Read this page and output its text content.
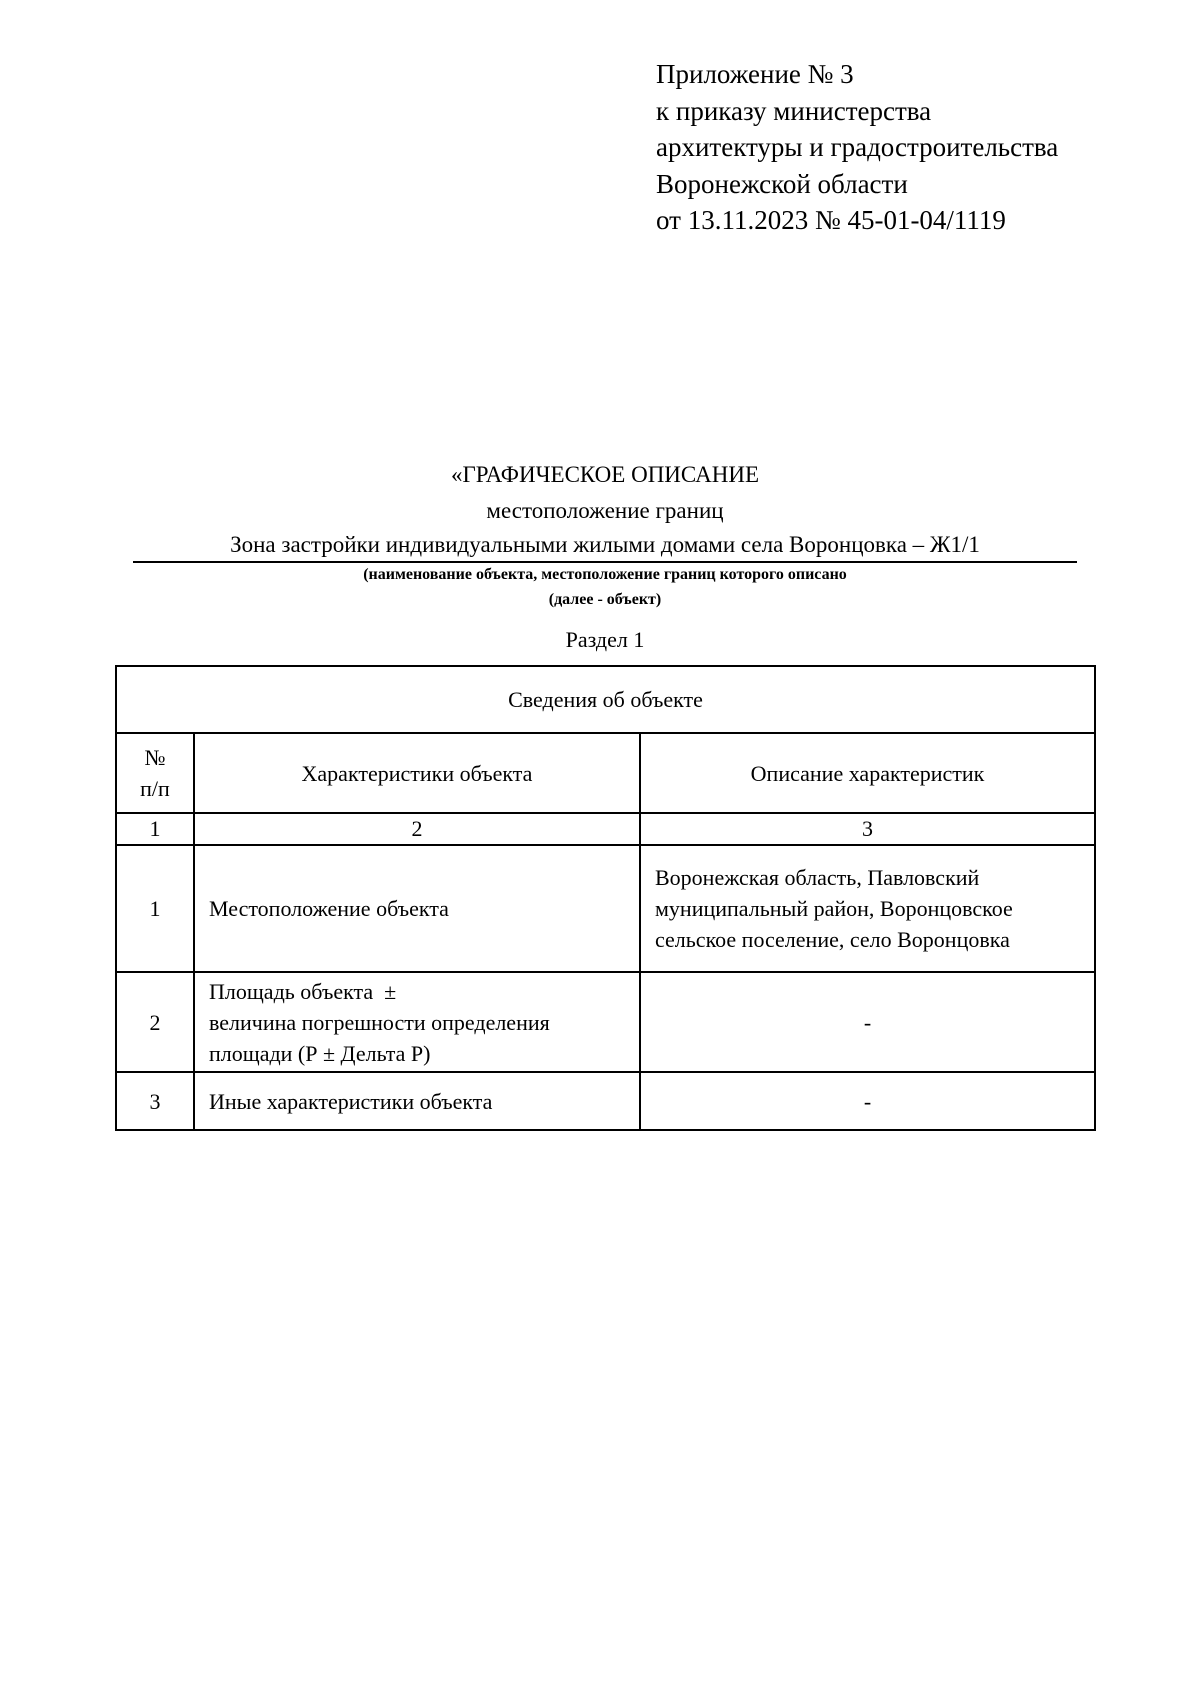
Приложение № 3
к приказу министерства
архитектуры и градостроительства
Воронежской области
от 13.11.2023 № 45-01-04/1119
«ГРАФИЧЕСКОЕ ОПИСАНИЕ
местоположение границ
Зона застройки индивидуальными жилыми домами села Воронцовка – Ж1/1
(наименование объекта, местоположение границ которого описано
(далее - объект)
Раздел 1
Сведения об объекте		

№
п/п	Характеристики объекта	Описание характеристик
1	2	3
1	Местоположение объекта	Воронежская область, Павловский
муниципальный район, Воронцовское
сельское поселение, село Воронцовка

2	Площадь объекта  ±
величина погрешности определения
площади (Р ± Дельта Р)	-

3	Иные характеристики объекта	-
